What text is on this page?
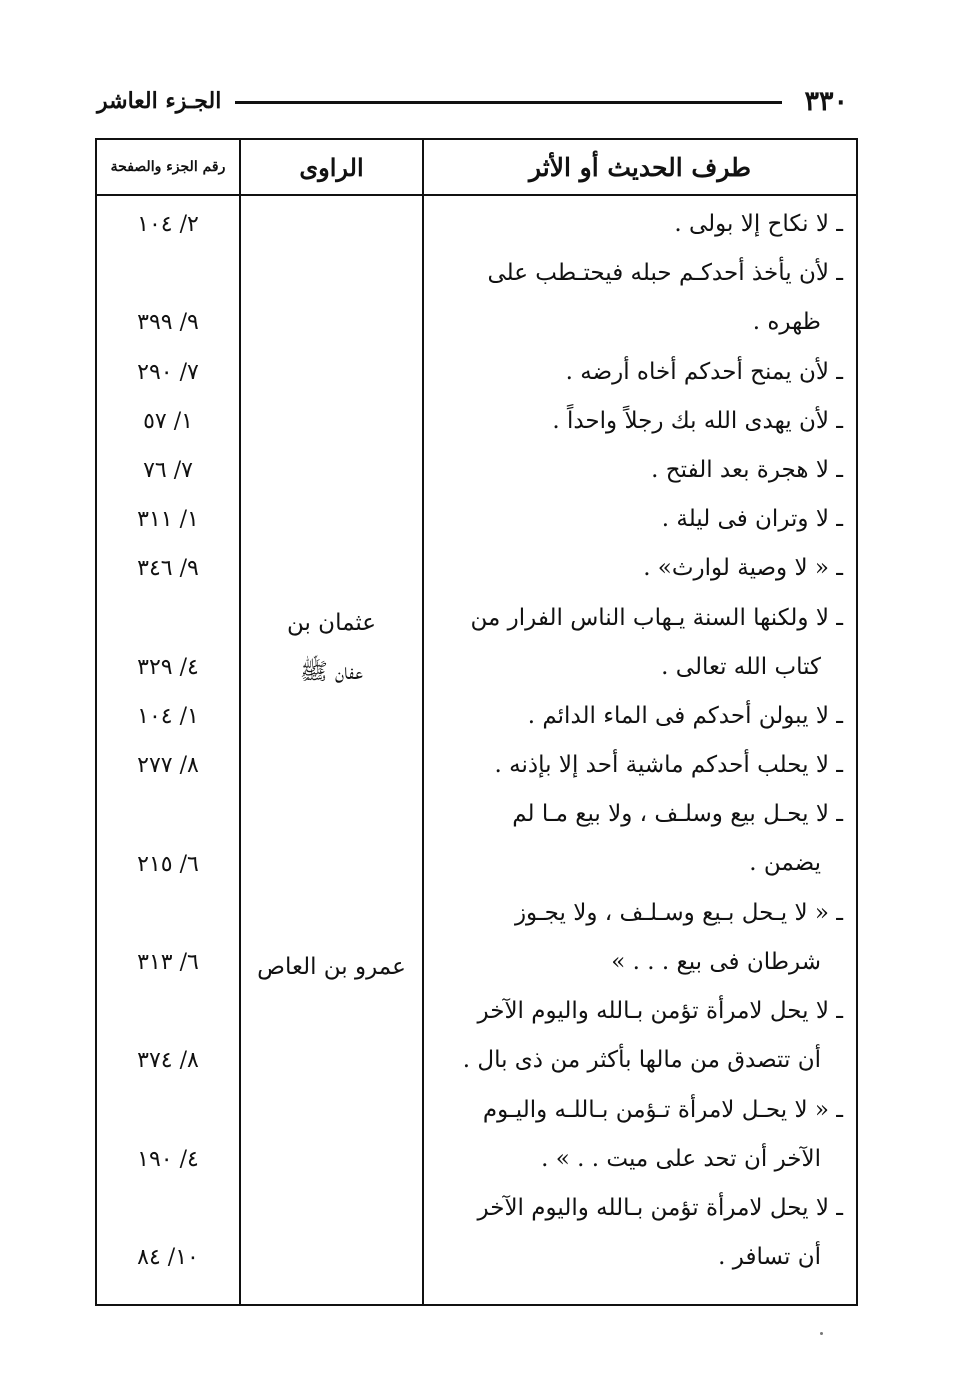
٣٣٠
الجـزء العاشر
طرف الحديث أو الأثر
الراوى
رقم الجزء والصفحة
ـ لا نكاح إلا بولى .
٢/ ١٠٤
ـ لأن يأخذ أحدكـم حبله فيحتـطب على
ظهره .
٩/ ٣٩٩
ـ لأن يمنح أحدكم أخاه أرضه .
٧/ ٢٩٠
ـ لأن يهدى الله بك رجلاً واحداً .
١/ ٥٧
ـ لا هجرة بعد الفتح .
٧/ ٧٦
ـ لا وتران فى ليلة .
١/ ٣١١
ـ « لا وصية لوارث» .
٩/ ٣٤٦
ـ لا ولكنها السنة يـهاب الناس الفرار من
كتاب الله تعالى .
٤/ ٣٢٩
ـ لا يبولن أحدكم فى الماء الدائم .
١/ ١٠٤
ـ لا يحلب أحدكم ماشية أحد إلا بإذنه .
٨/ ٢٧٧
ـ لا يحـل بيع وسلـف ، ولا بيع مـا لم
يضمن .
٦/ ٢١٥
ـ « لا يـحل بـيع وسـلـف ، ولا يجـوز
شرطان فى بيع . . . »
٦/ ٣١٣
ـ لا يحل لامرأة تؤمن بـالله واليوم الآخر
أن تتصدق من مالها بأكثر من ذى بال .
٨/ ٣٧٤
ـ « لا يحـل لامرأة تـؤمن بـاللـه واليـوم
الآخر أن تحد على ميت . . » .
٤/ ١٩٠
ـ لا يحل لامرأة تؤمن بـالله واليوم الآخر
أن تسافر .
١٠/ ٨٤
عثمان بن
عفان ﷺ
عمرو بن العاص
